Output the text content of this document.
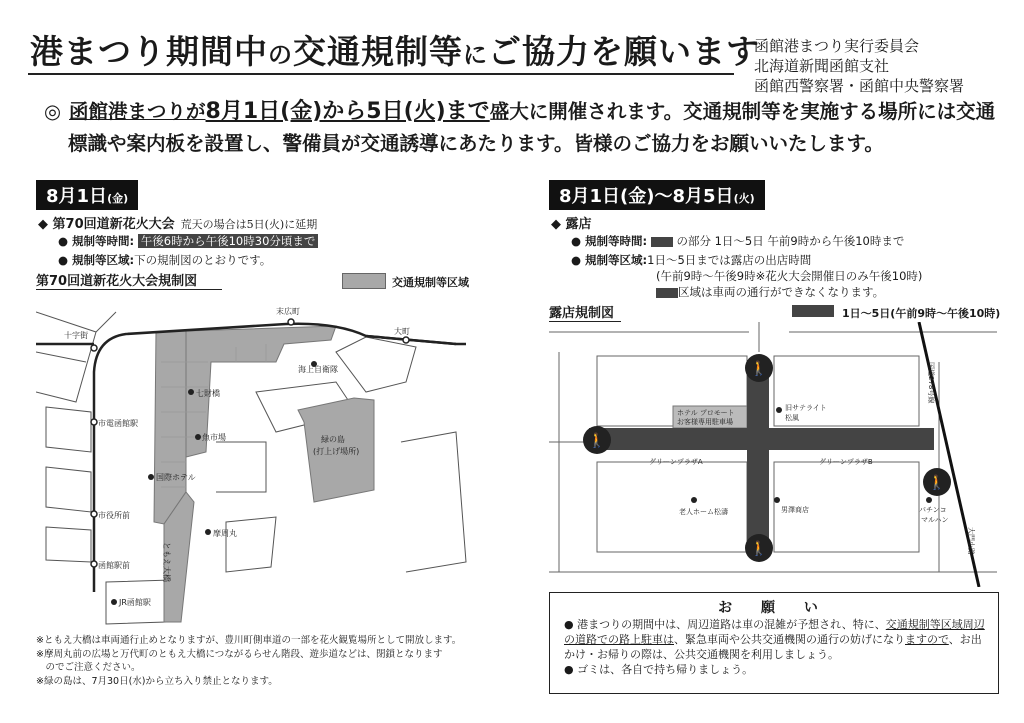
港まつり期間中の交通規制等にご協力を願います
函館港まつり実行委員会
北海道新聞函館支社
函館西警察署・函館中央警察署
◎ 函館港まつりが8月1日(金)から5日(火)まで盛大に開催されます。交通規制等を実施する場所には交通
標識や案内板を設置し、警備員が交通誘導にあたります。皆様のご協力をお願いいたします。
8月1日(金)
◆ 第70回道新花火大会 荒天の場合は5日(火)に延期
● 規制等時間: 午後6時から午後10時30分頃まで
● 規制等区域:下の規制図のとおりです。
第70回道新花火大会規制図	交通規制等区域
末広町
大町
十字街
海上自衛隊
七財橋
魚市場	緑の島
(打上げ場所)
国際ホテル
市電函館駅
市役所前
函館駅前
JR函館駅
摩周丸
ともえ大橋
※ともえ大橋は車両通行止めとなりますが、豊川町側車道の一部を花火観覧場所として開放します。
※摩周丸前の広場と万代町のともえ大橋につながるらせん階段、遊歩道などは、閉鎖となります
　のでご注意ください。
※緑の島は、7月30日(水)から立ち入り禁止となります。
8月1日(金)〜8月5日(火)
◆ 露店
● 規制等時間:	の部分 1日〜5日 午前9時から午後10時まで
● 規制等区域:1日〜5日までは露店の出店時間
(午前9時〜午後9時※花火大会開催日のみ午後10時)
区域は車両の通行ができなくなります。
露店規制図	1日〜5日(午前9時〜午後10時)
🚶
🚶
🚶
🚶
ホテル プロモート
お客様専用駐車場
旧サテライト
松風
グリーンプラザA	グリーンプラザB
老人ホーム松濤	男澤商店	パチンコ
マルハン
国道278号線
大門小路
お 願 い
● 港まつりの期間中は、周辺道路は車の混雑が予想され、特に、交通規制等区域周辺の道路での路上駐車は、緊急車両や公共交通機関の通行の妨げになりますので、お出かけ・お帰りの際は、公共交通機関を利用しましょう。
● ゴミは、各自で持ち帰りましょう。
